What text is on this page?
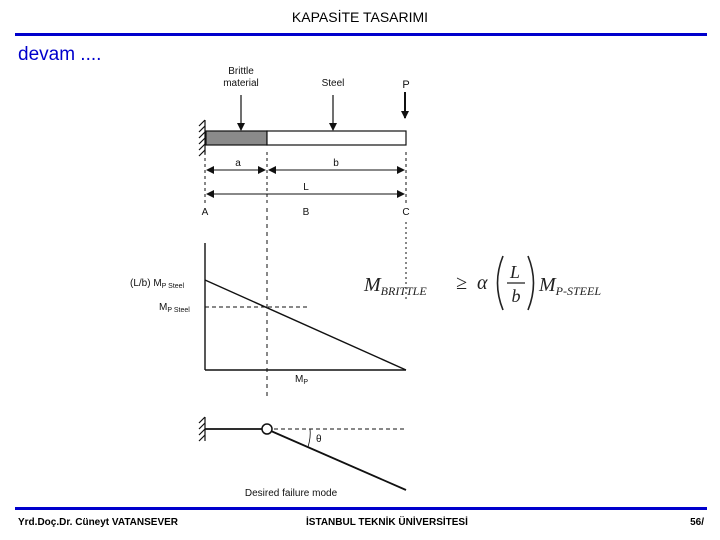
KAPASİTE TASARIMI
devam ....
Brittle
material	Steel	P
a	b
L
A	B	C
(L/b) $M_{P Steel}$
$M_{P Steel}$
$M_P$
$M_{BRITTLE} \ge \alpha$ L
b $M_{P-STEEL}$
θ
Desired failure mode
Yrd.Doç.Dr. Cüneyt VATANSEVER	İSTANBUL TEKNİK ÜNİVERSİTESİ	56/
